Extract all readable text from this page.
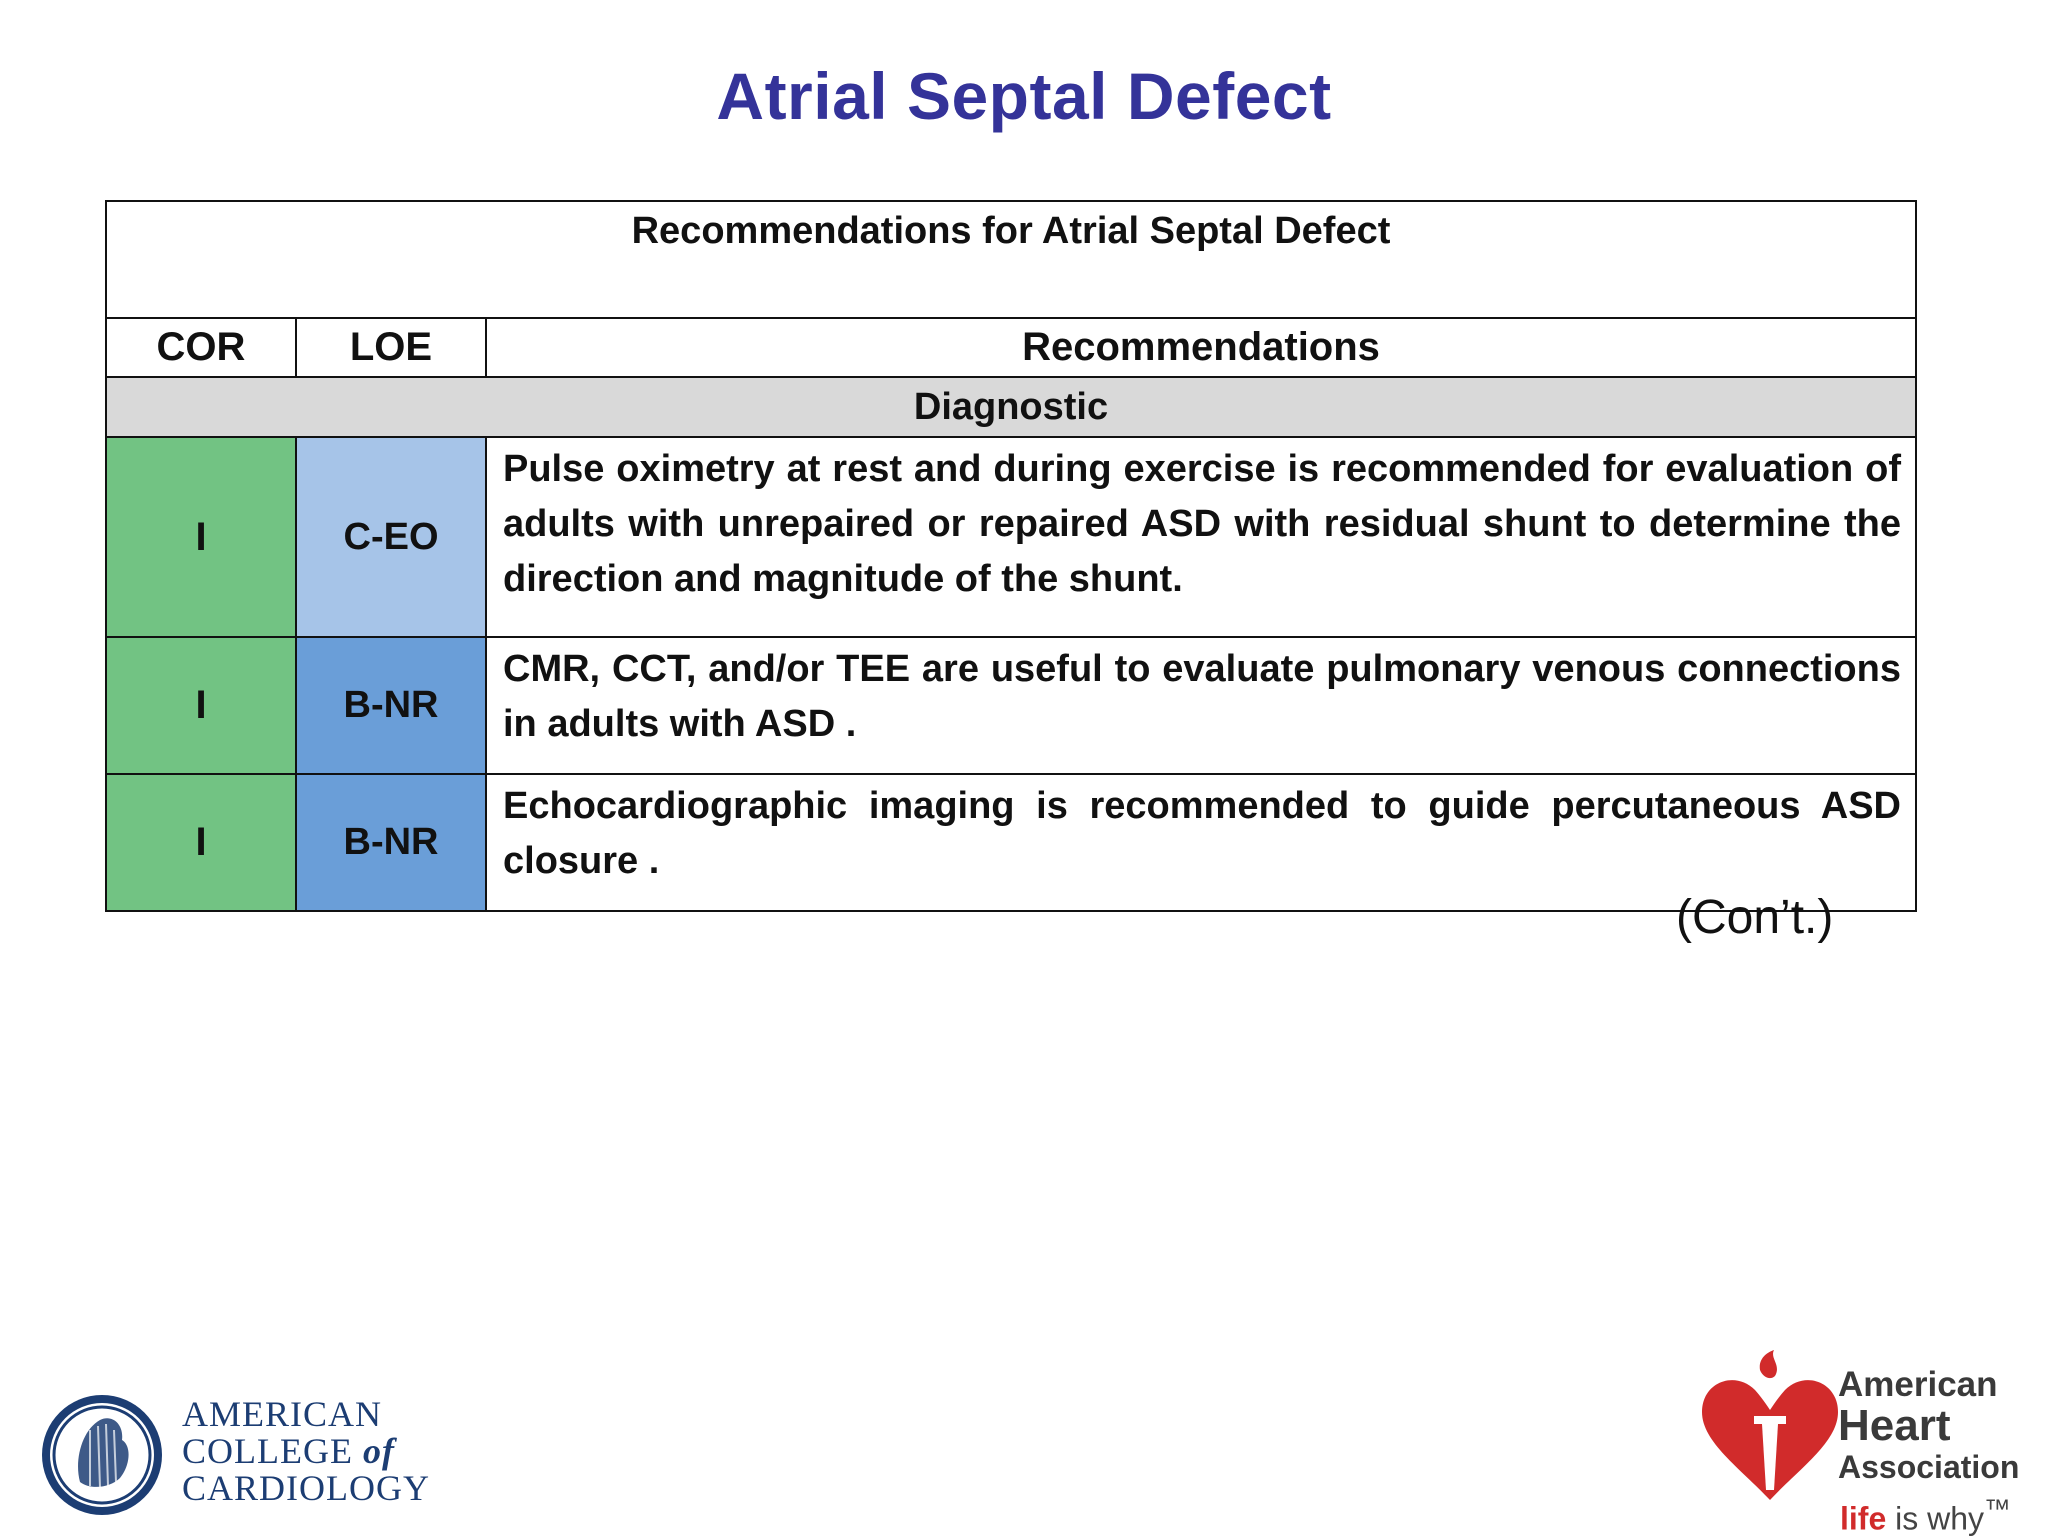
Atrial Septal Defect
Recommendations for Atrial Septal Defect		
COR	LOE	Recommendations
Diagnostic		
I	C-EO	Pulse oximetry at rest and during exercise is recommended for evaluation of adults with unrepaired or repaired ASD with residual shunt to determine the direction and magnitude of the shunt.
I	B-NR	CMR, CCT, and/or TEE are useful to evaluate pulmonary venous connections in adults with ASD .
I	B-NR	Echocardiographic imaging is recommended to guide percutaneous ASD closure .
(Con’t.)
AMERICAN
COLLEGE of
CARDIOLOGY
American
Heart
Association
life is why™
